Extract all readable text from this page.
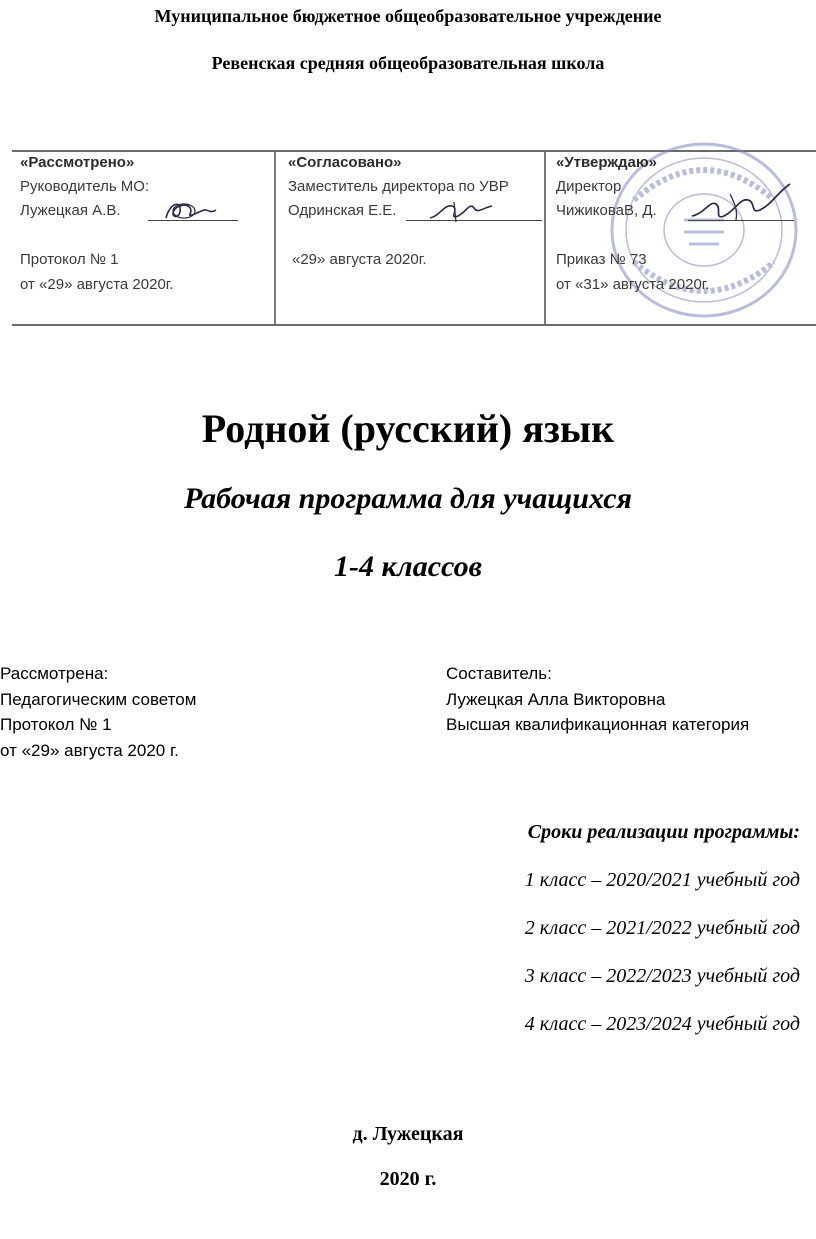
Муниципальное бюджетное общеобразовательное учреждение
Ревенская средняя общеобразовательная школа
«Рассмотрено»
Руководитель МО:
Лужецкая А.В.
Протокол № 1
от «29» августа 2020г.
«Согласовано»
Заместитель директора по УВР
Одринская Е.Е.
«29» августа 2020г.
«Утверждаю»
Директор
ЧижиковаВ, Д.
Приказ № 73
от «31» августа 2020г.
Родной (русский) язык
Рабочая программа для учащихся
1-4 классов
Рассмотрена:
Педагогическим советом
Протокол № 1
от «29» августа 2020 г.
Составитель:
Лужецкая Алла Викторовна
Высшая квалификационная категория
Сроки реализации программы:
1 класс – 2020/2021 учебный год
2 класс – 2021/2022 учебный год
3 класс – 2022/2023 учебный год
4 класс – 2023/2024 учебный год
д. Лужецкая
2020 г.
